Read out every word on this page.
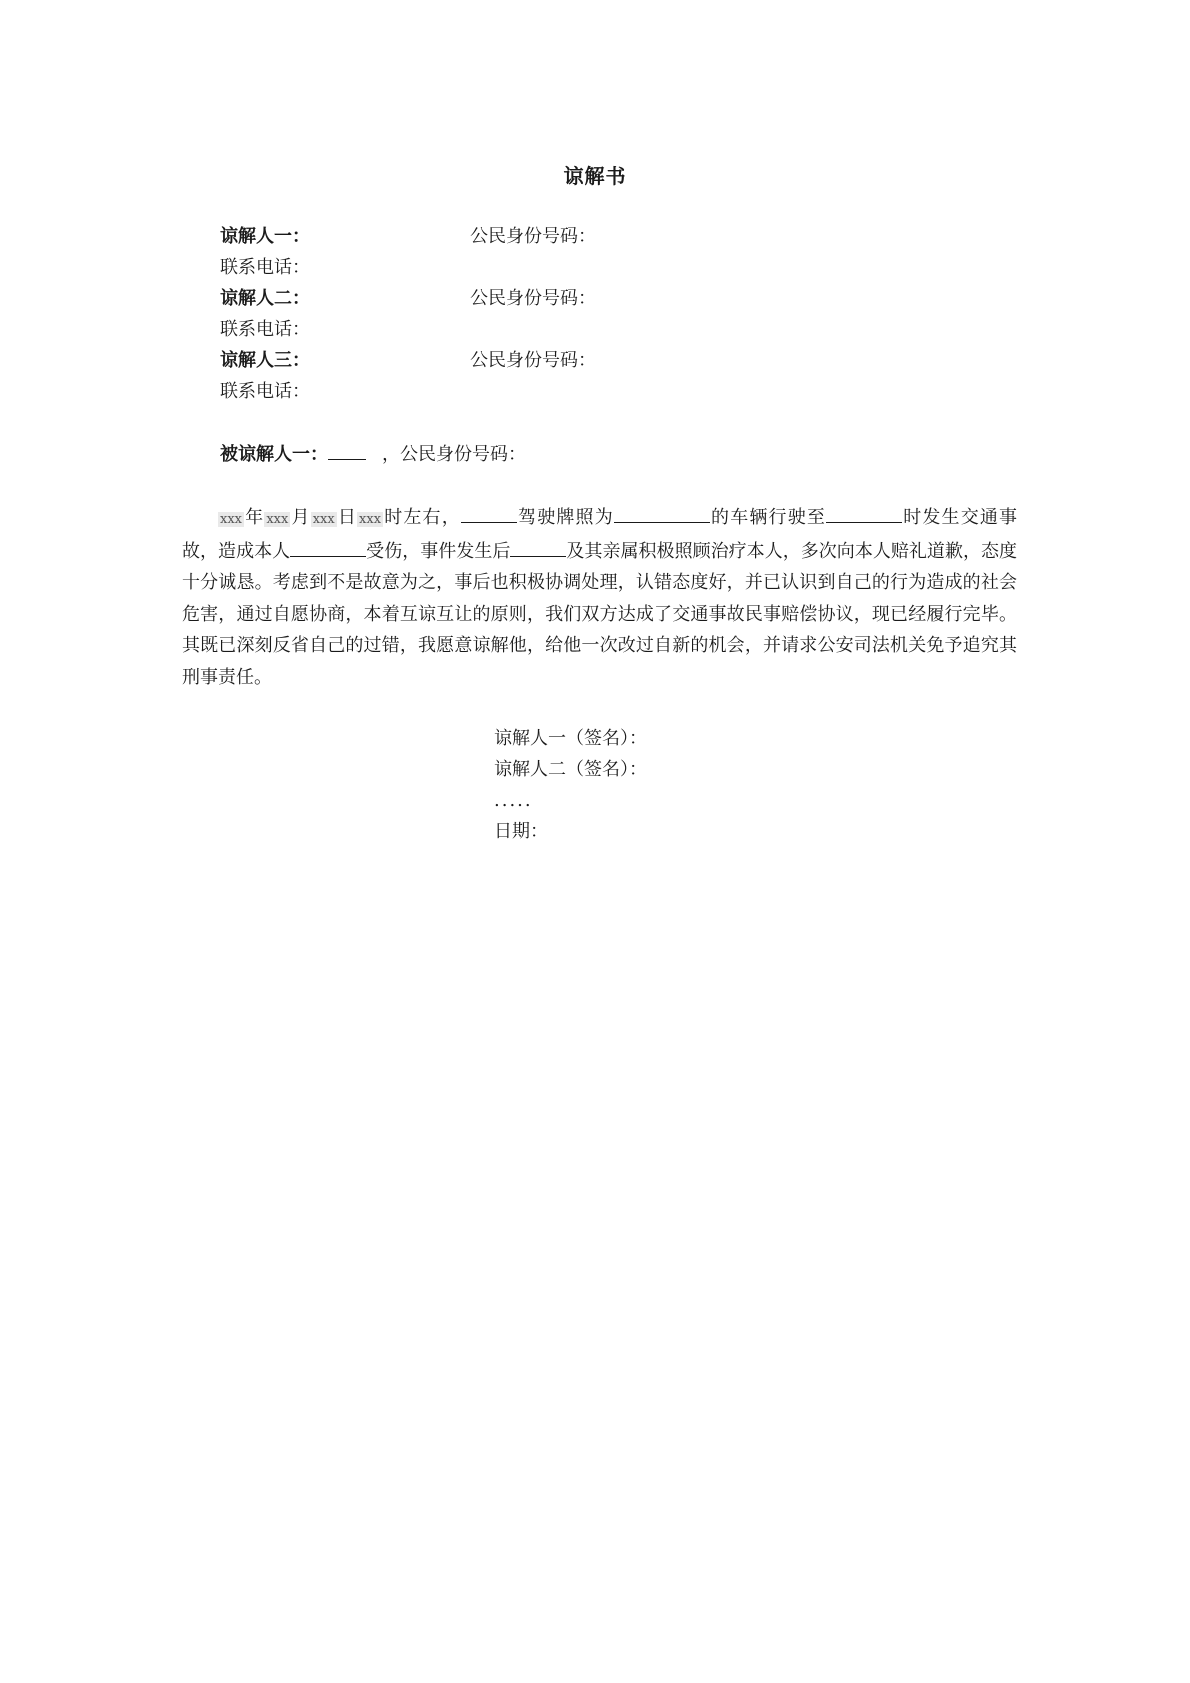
谅解书
谅解人一：	公民身份号码：
联系电话：
谅解人二：	公民身份号码：
联系电话：
谅解人三：	公民身份号码：
联系电话：
被谅解人一：	，公民身份号码：
xxx 年 xxx 月 xxx 日 xxx 时左右，	驾驶牌照为	的车辆行驶至	时发生交通事故，造成本人	受伤，事件发生后	及其亲属积极照顾治疗本人，多次向本人赔礼道歉，态度十分诚恳。考虑到不是故意为之，事后也积极协调处理，认错态度好，并已认识到自己的行为造成的社会危害，通过自愿协商，本着互谅互让的原则，我们双方达成了交通事故民事赔偿协议，现已经履行完毕。其既已深刻反省自己的过错，我愿意谅解他，给他一次改过自新的机会，并请求公安司法机关免予追究其刑事责任。
谅解人一（签名）：
谅解人二（签名）：
.....
日期：
